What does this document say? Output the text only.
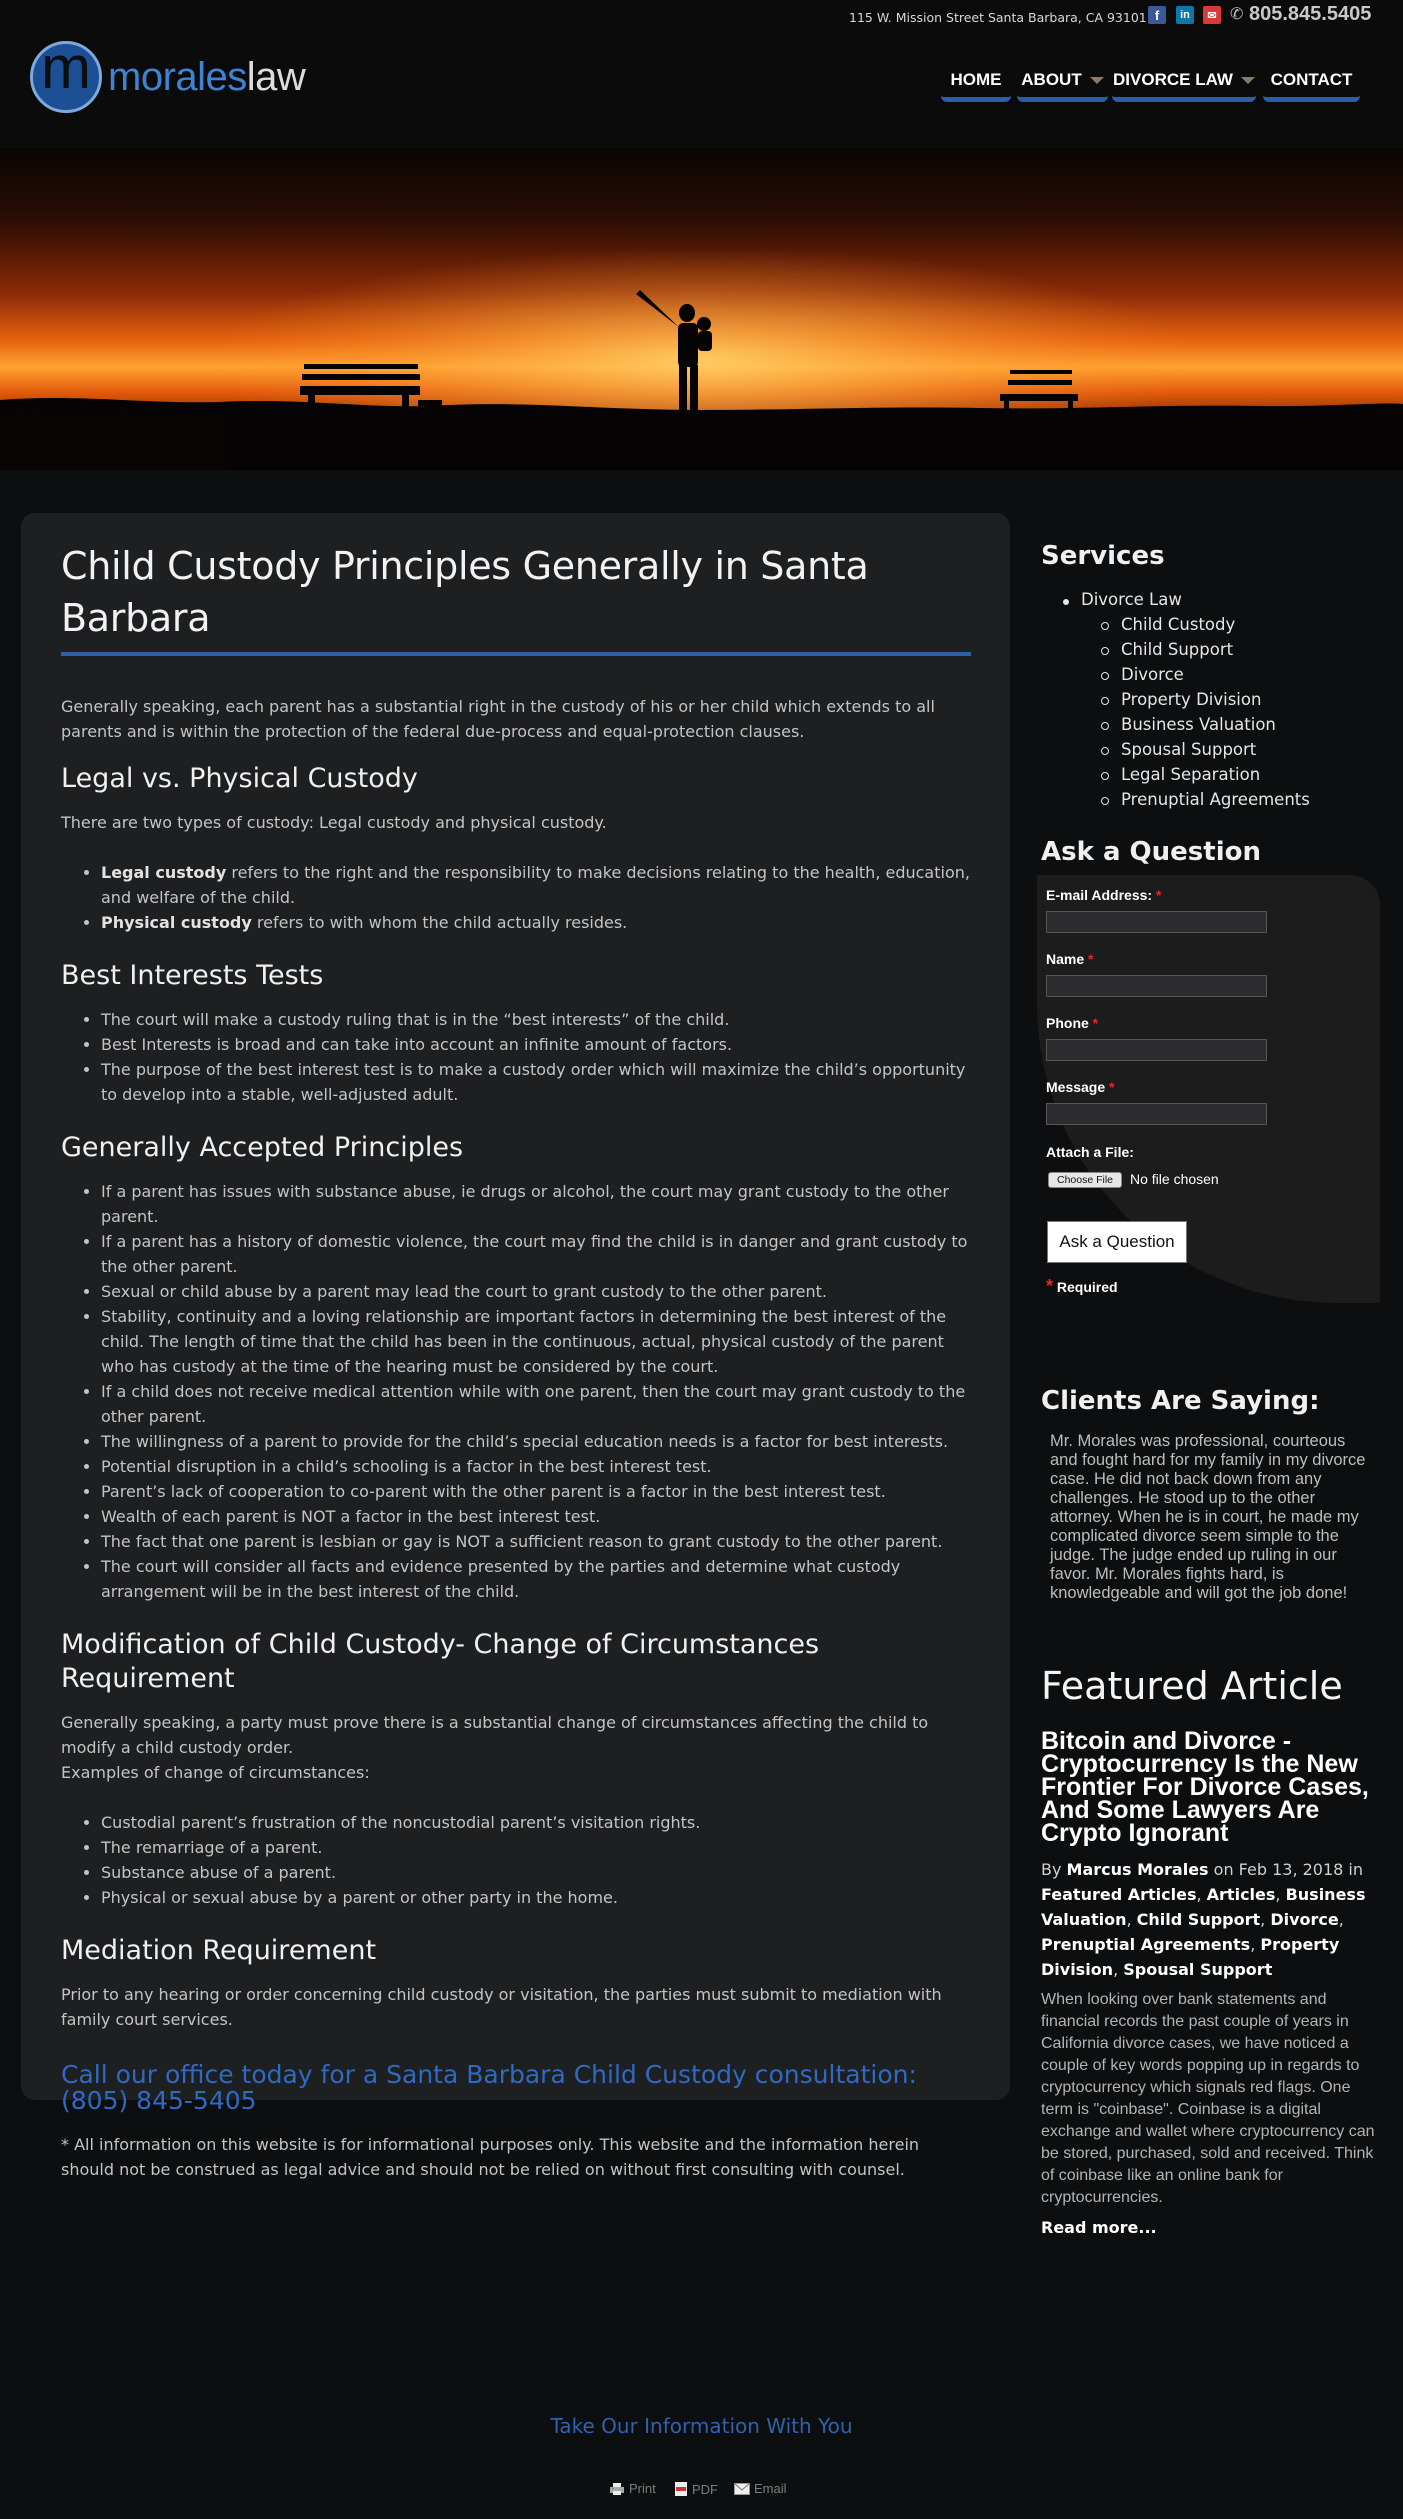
115 W. Mission Street Santa Barbara, CA 93101 f	in	✉ ✆ 805.845.5405
m moraleslaw	HOME	ABOUT	DIVORCE LAW	CONTACT
Child Custody Principles Generally in Santa Barbara

Generally speaking, each parent has a substantial right in the custody of his or her child which extends to all parents and is within the protection of the federal due-process and equal-protection clauses.

Legal vs. Physical Custody

There are two types of custody: Legal custody and physical custody.

• Legal custody refers to the right and the responsibility to make decisions relating to the health, education, and welfare of the child.
• Physical custody refers to with whom the child actually resides.
Best Interests Tests
• The court will make a custody ruling that is in the “best interests” of the child.
• Best Interests is broad and can take into account an infinite amount of factors.
• The purpose of the best interest test is to make a custody order which will maximize the child’s opportunity to develop into a stable, well-adjusted adult.
Generally Accepted Principles
• If a parent has issues with substance abuse, ie drugs or alcohol, the court may grant custody to the other parent.
• If a parent has a history of domestic violence, the court may find the child is in danger and grant custody to the other parent.
• Sexual or child abuse by a parent may lead the court to grant custody to the other parent.
• Stability, continuity and a loving relationship are important factors in determining the best interest of the child. The length of time that the child has been in the continuous, actual, physical custody of the parent who has custody at the time of the hearing must be considered by the court.
• If a child does not receive medical attention while with one parent, then the court may grant custody to the other parent.
• The willingness of a parent to provide for the child’s special education needs is a factor for best interests.
• Potential disruption in a child’s schooling is a factor in the best interest test.
• Parent’s lack of cooperation to co-parent with the other parent is a factor in the best interest test.
• Wealth of each parent is NOT a factor in the best interest test.
• The fact that one parent is lesbian or gay is NOT a sufficient reason to grant custody to the other parent.
• The court will consider all facts and evidence presented by the parties and determine what custody arrangement will be in the best interest of the child.
Modification of Child Custody- Change of Circumstances Requirement

Generally speaking, a party must prove there is a substantial change of circumstances affecting the child to modify a child custody order.

Examples of change of circumstances:

• Custodial parent’s frustration of the noncustodial parent’s visitation rights.
• The remarriage of a parent.
• Substance abuse of a parent.
• Physical or sexual abuse by a parent or other party in the home.
Mediation Requirement

Prior to any hearing or order concerning child custody or visitation, the parties must submit to mediation with family court services.

Call our office today for a Santa Barbara Child Custody consultation: (805) 845-5405

* All information on this website is for informational purposes only. This website and the information herein should not be construed as legal advice and should not be relied on without first consulting with counsel.

Services
Divorce Law
Child Custody
Child Support
Divorce
Property Division
Business Valuation
Spousal Support
Legal Separation
Prenuptial Agreements
Ask a Question
E-mail Address: *
Name *
Phone *
Message *
Attach a File:
Choose File	No file chosen
Ask a Question
* Required
Clients Are Saying:
Mr. Morales was professional, courteous and fought hard for my family in my divorce case. He did not back down from any challenges. He stood up to the other attorney. When he is in court, he made my complicated divorce seem simple to the judge. The judge ended up ruling in our favor. Mr. Morales fights hard, is knowledgeable and will got the job done!
Featured Article
Bitcoin and Divorce - Cryptocurrency Is the New Frontier For Divorce Cases, And Some Lawyers Are Crypto Ignorant
By Marcus Morales on Feb 13, 2018 in Featured Articles, Articles, Business Valuation, Child Support, Divorce, Prenuptial Agreements, Property Division, Spousal Support
When looking over bank statements and financial records the past couple of years in California divorce cases, we have noticed a couple of key words popping up in regards to cryptocurrency which signals red flags. One term is "coinbase". Coinbase is a digital exchange and wallet where cryptocurrency can be stored, purchased, sold and received. Think of coinbase like an online bank for cryptocurrencies.
Read more...
Take Our Information With You
Print	PDF	Email
